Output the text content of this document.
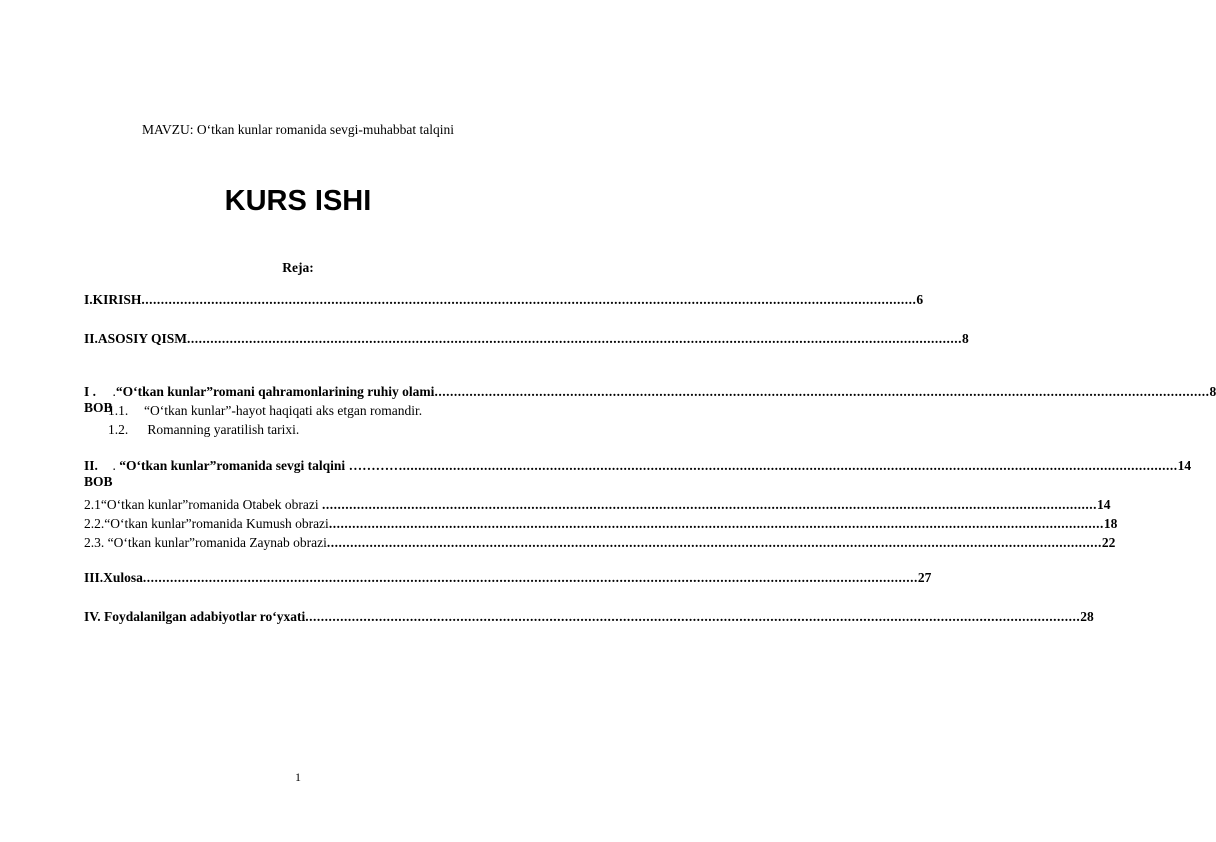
MAVZU: O‘tkan kunlar romanida sevgi-muhabbat talqini
KURS ISHI
Reja:
I. KIRISH ........................................................................................................................................................................................................ 6
II. ASOSIY QISM ........................................................................................................................................................................................................ 8
I . BOB
. “O‘tkan kunlar”romani qahramonlarining ruhiy olami ........................................................................................................................................................................................................ 8
1.1. “O‘tkan kunlar”-hayot haqiqati aks etgan romandir.
1.2. Romanning yaratilish tarixi.
II. BOB
. “O‘tkan kunlar”romanida sevgi talqini ………… ........................................................................................................................................................................................................ 14
2.1“O‘tkan kunlar”romanida Otabek obrazi ........................................................................................................................................................................................................ 14
2.2.“O‘tkan kunlar”romanida Kumush obrazi ........................................................................................................................................................................................................ 18
2.3. “O‘tkan kunlar”romanida Zaynab obrazi ........................................................................................................................................................................................................ 22
III. Xulosa ........................................................................................................................................................................................................ 27
IV. Foydalanilgan adabiyotlar ro‘yxati ........................................................................................................................................................................................................ 28
1
